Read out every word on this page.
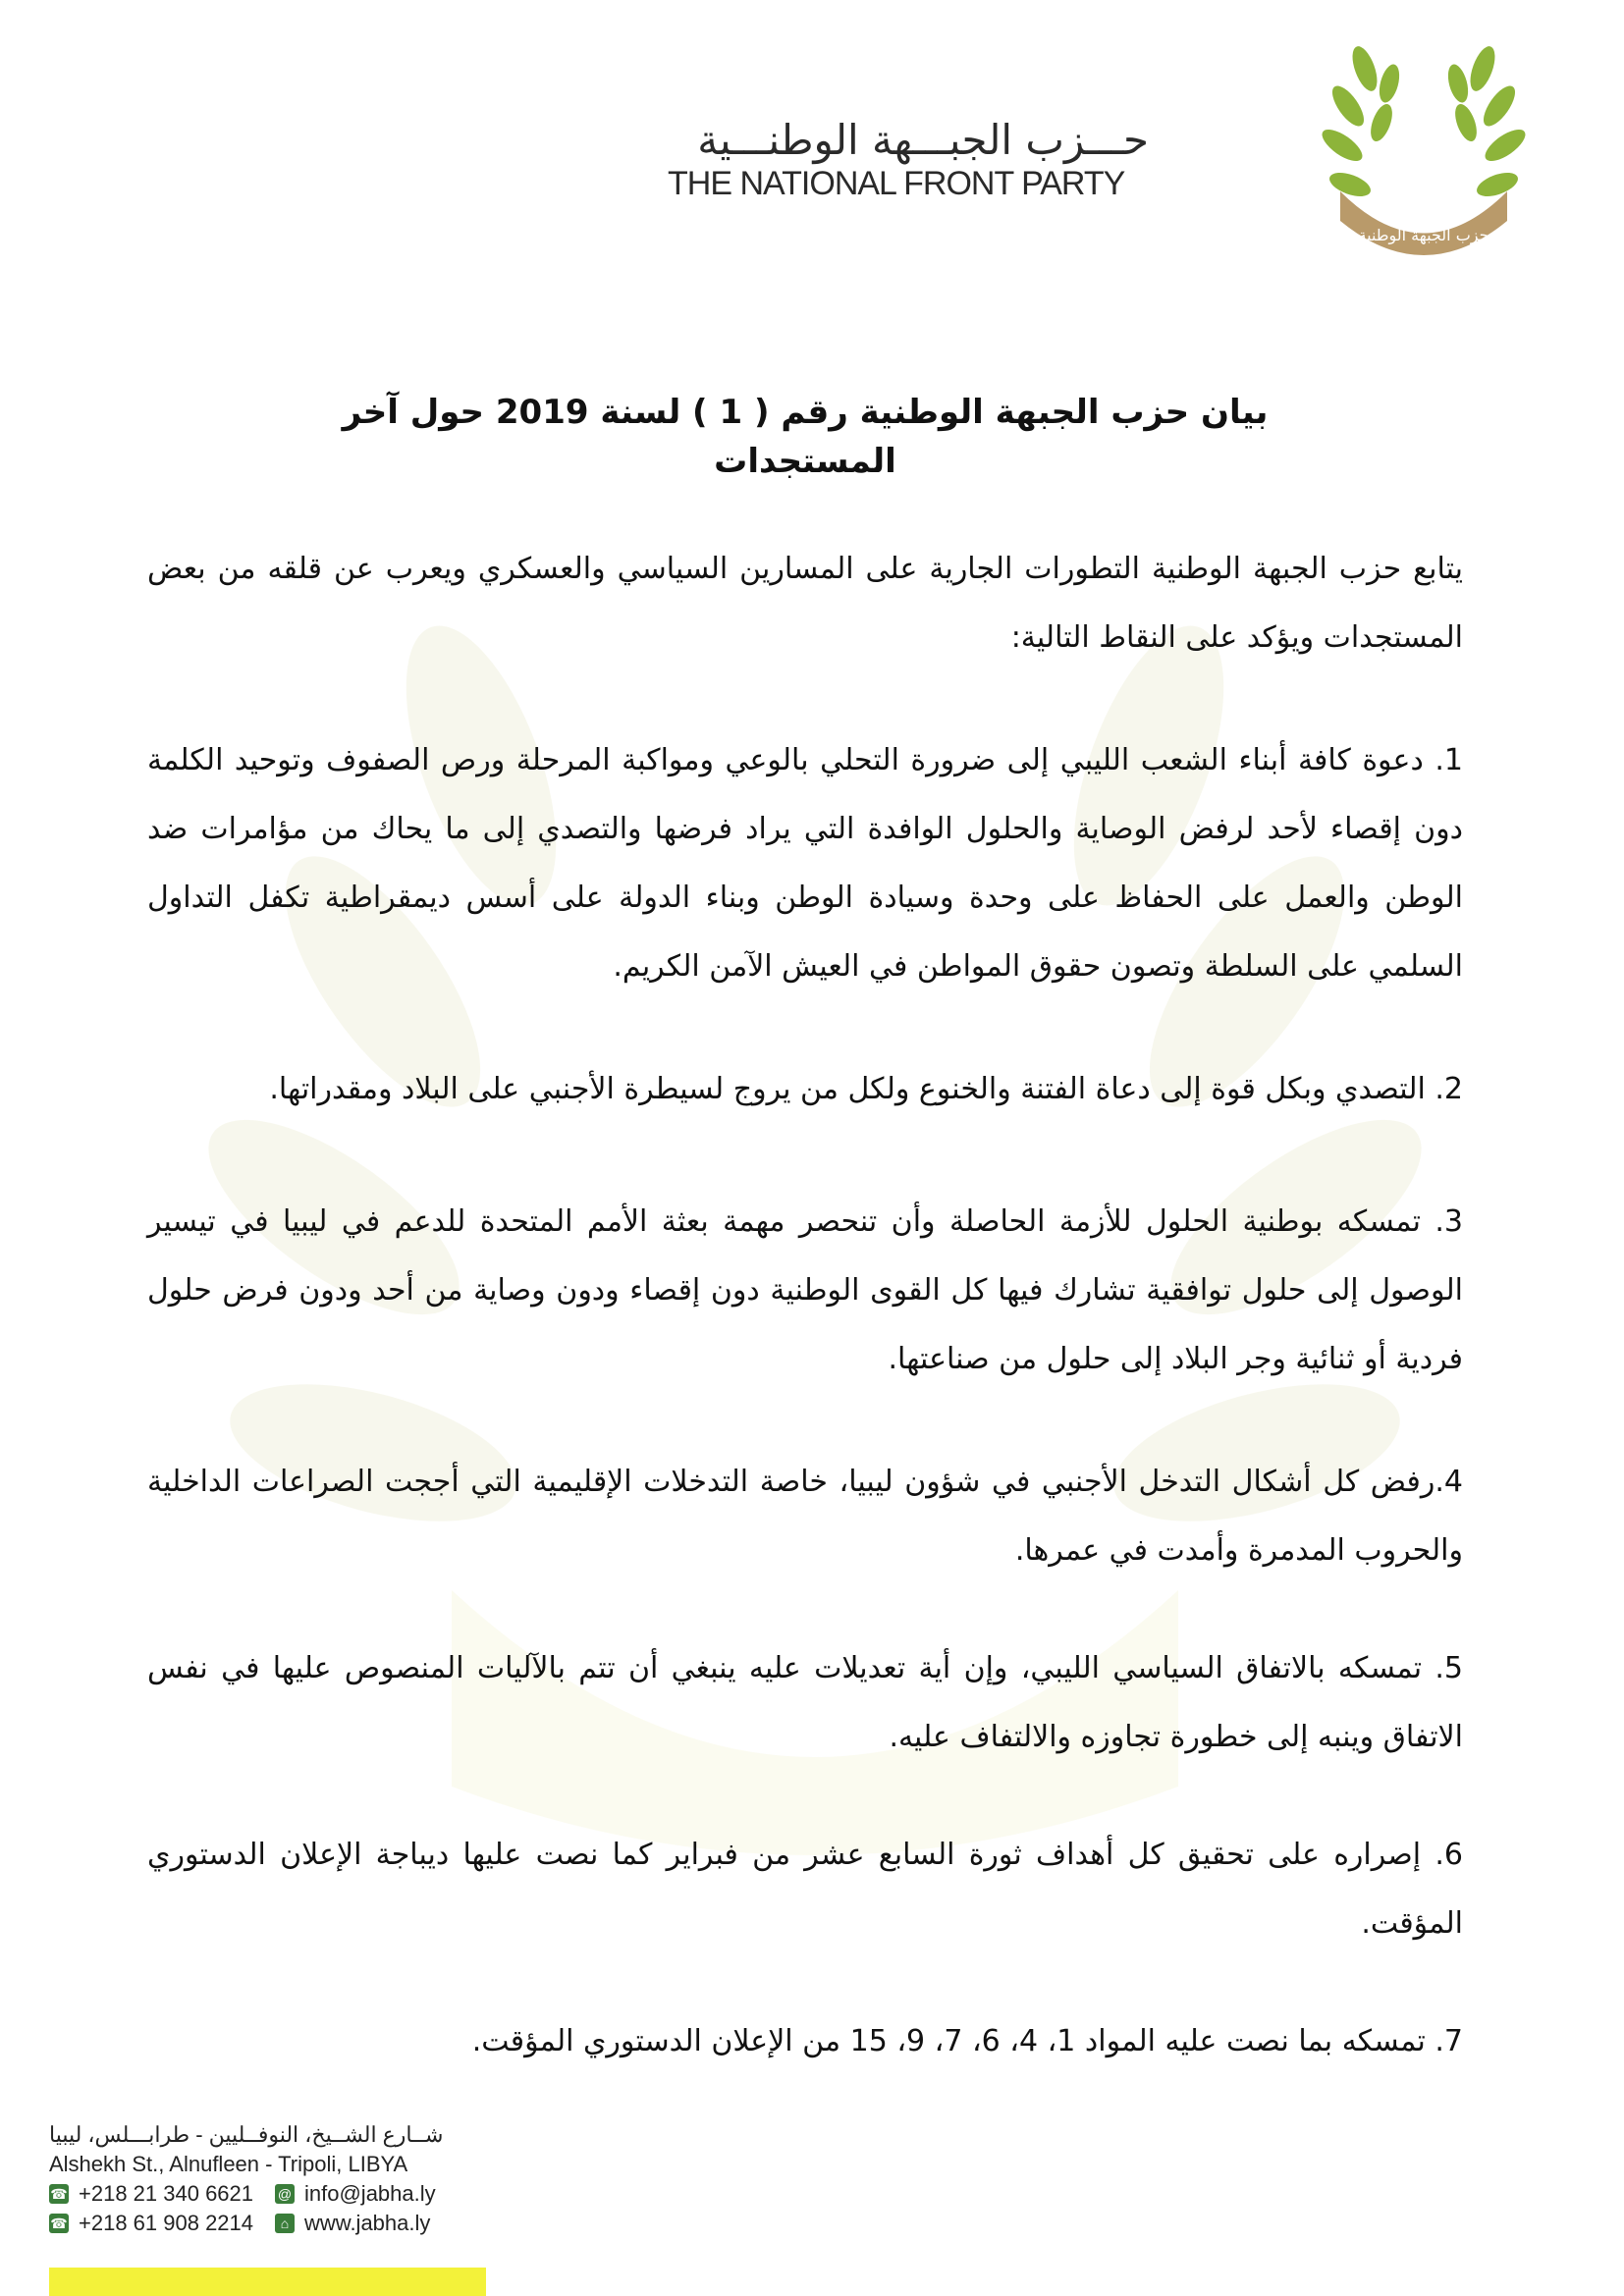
حـــزب الجبـــهة الوطنـــية
THE NATIONAL FRONT PARTY
حزب الجبهة الوطنية
بيان حزب الجبهة الوطنية رقم ( 1 ) لسنة 2019 حول آخر المستجدات

يتابع حزب الجبهة الوطنية التطورات الجارية على المسارين السياسي والعسكري ويعرب عن قلقه من بعض المستجدات ويؤكد على النقاط التالية:

1. دعوة كافة أبناء الشعب الليبي إلى ضرورة التحلي بالوعي ومواكبة المرحلة ورص الصفوف وتوحيد الكلمة دون إقصاء لأحد لرفض الوصاية والحلول الوافدة التي يراد فرضها والتصدي إلى ما يحاك من مؤامرات ضد الوطن والعمل على الحفاظ على وحدة وسيادة الوطن وبناء الدولة على أسس ديمقراطية تكفل التداول السلمي على السلطة وتصون حقوق المواطن في العيش الآمن الكريم.

2. التصدي وبكل قوة إلى دعاة الفتنة والخنوع ولكل من يروج لسيطرة الأجنبي على البلاد ومقدراتها.

3. تمسكه بوطنية الحلول للأزمة الحاصلة وأن تنحصر مهمة بعثة الأمم المتحدة للدعم في ليبيا في تيسير الوصول إلى حلول توافقية تشارك فيها كل القوى الوطنية دون إقصاء ودون وصاية من أحد ودون فرض حلول فردية أو ثنائية وجر البلاد إلى حلول من صناعتها.

4.رفض كل أشكال التدخل الأجنبي في شؤون ليبيا، خاصة التدخلات الإقليمية التي أججت الصراعات الداخلية والحروب المدمرة وأمدت في عمرها.

5. تمسكه بالاتفاق السياسي الليبي، وإن أية تعديلات عليه ينبغي أن تتم بالآليات المنصوص عليها في نفس الاتفاق وينبه إلى خطورة تجاوزه والالتفاف عليه.

6. إصراره على تحقيق كل أهداف ثورة السابع عشر من فبراير كما نصت عليها ديباجة الإعلان الدستوري المؤقت.

7. تمسكه بما نصت عليه المواد 1، 4، 6، 7، 9، 15 من الإعلان الدستوري المؤقت.

شــارع الشــيخ، النوفــليين - طرابـــلس، ليبيا

Alshekh St., Alnufleen - Tripoli, LIBYA

☎ +218 21 340 6621 @ info@jabha.ly
☎ +218 61 908 2214	⌂ www.jabha.ly
